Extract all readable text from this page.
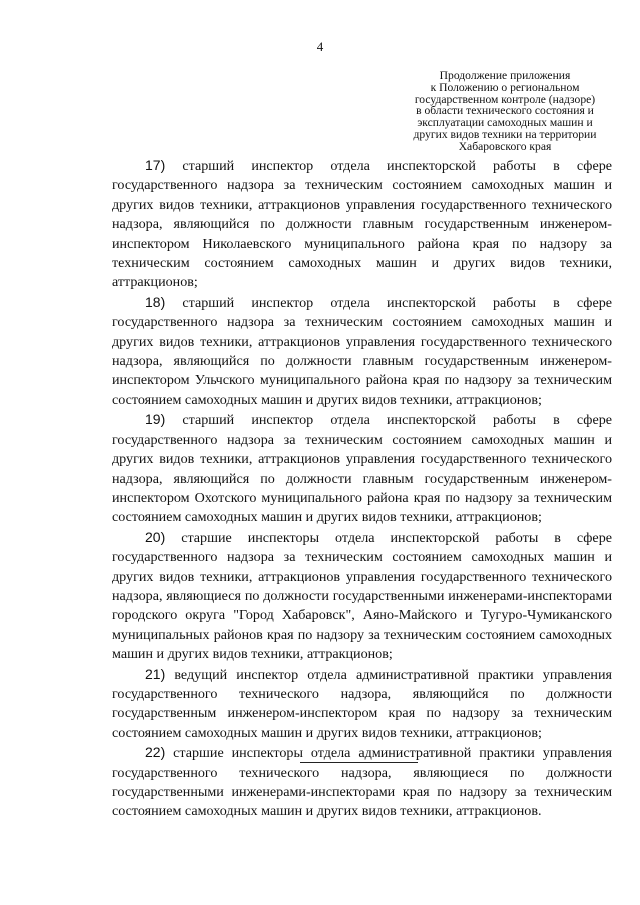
4
Продолжение приложения
к Положению о региональном
государственном контроле (надзоре)
в области технического состояния и
эксплуатации самоходных машин и
других видов техники на территории
Хабаровского края

17) старший инспектор отдела инспекторской работы в сфере государственного надзора за техническим состоянием самоходных машин и других видов техники, аттракционов управления государственного технического надзора, являющийся по должности главным государственным инженером-инспектором Николаевского муниципального района края по надзору за техническим состоянием самоходных машин и других видов техники, аттракционов;

18) старший инспектор отдела инспекторской работы в сфере государственного надзора за техническим состоянием самоходных машин и других видов техники, аттракционов управления государственного технического надзора, являющийся по должности главным государственным инженером-инспектором Ульчского муниципального района края по надзору за техническим состоянием самоходных машин и других видов техники, аттракционов;

19) старший инспектор отдела инспекторской работы в сфере государственного надзора за техническим состоянием самоходных машин и других видов техники, аттракционов управления государственного технического надзора, являющийся по должности главным государственным инженером-инспектором Охотского муниципального района края по надзору за техническим состоянием самоходных машин и других видов техники, аттракционов;

20) старшие инспекторы отдела инспекторской работы в сфере государственного надзора за техническим состоянием самоходных машин и других видов техники, аттракционов управления государственного технического надзора, являющиеся по должности государственными инженерами-инспекторами городского округа "Город Хабаровск", Аяно-Майского и Тугуро-Чумиканского муниципальных районов края по надзору за техническим состоянием самоходных машин и других видов техники, аттракционов;

21) ведущий инспектор отдела административной практики управления государственного технического надзора, являющийся по должности государственным инженером-инспектором края по надзору за техническим состоянием самоходных машин и других видов техники, аттракционов;

22) старшие инспекторы отдела административной практики управления государственного технического надзора, являющиеся по должности государственными инженерами-инспекторами края по надзору за техническим состоянием самоходных машин и других видов техники, аттракционов.
